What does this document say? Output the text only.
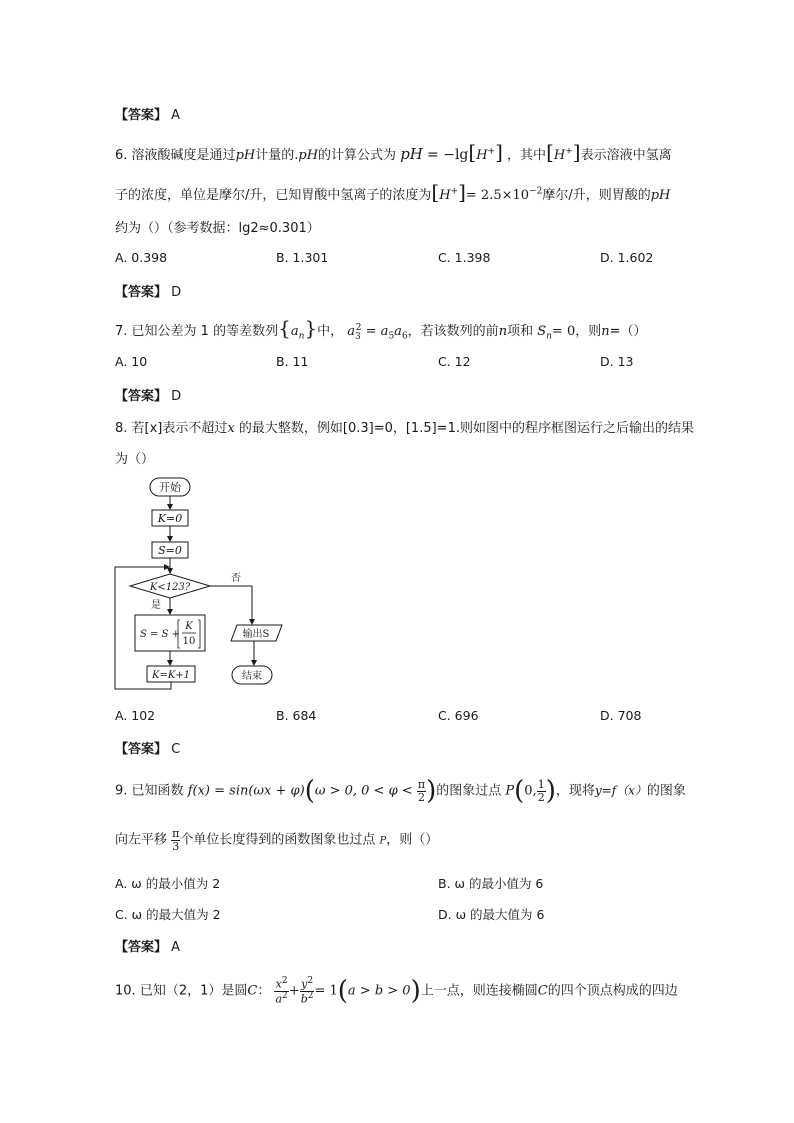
【答案】 A
6. 溶液酸碱度是通过pH计量的.pH的计算公式为 pH = −lg[H+] ，其中[H+]表示溶液中氢离
子的浓度，单位是摩尔/升，已知胃酸中氢离子的浓度为$[H^+]= 2.5\times 10^{-2}$摩尔/升，则胃酸的pH
约为（）（参考数据：lg2≈0.301）
A. 0.398	B. 1.301	C. 1.398	D. 1.602
【答案】 D
7. 已知公差为 1 的等差数列$\{a_n\}$中， $a_3^2 = a_5a_6$，若该数列的前n项和 $S_n= 0$，则n=（）
A. 10	B. 11	C. 12	D. 13
【答案】 D
8. 若[x]表示不超过x 的最大整数，例如[0.3]=0，[1.5]=1.则如图中的程序框图运行之后输出的结果
为（）
开始
K=0
S=0
K<123?
否
是
S = S +
K
10
K=K+1
输出S
结束
A. 102	B. 684	C. 696	D. 708
【答案】 C
9. 已知函数 f(x) = sin(ωx + φ)(ω > 0, $0 < \varphi < \frac{\pi}{2}$ )的图象过点 P(0, $\frac{1}{2}$ )，现将y=f（x）的图象
向左平移 $\frac{\pi}{3}$ 个单位长度得到的函数图象也过点 P，则（）
A. ω 的最小值为 2	B. ω 的最小值为 6
C. ω 的最大值为 2	D. ω 的最大值为 6
【答案】 A
10. 已知（2，1）是圆C： $\frac{x^2}{a^2} + \frac{y^2}{b^2} = 1(a > b > 0)$上一点，则连接椭圆C的四个顶点构成的四边
